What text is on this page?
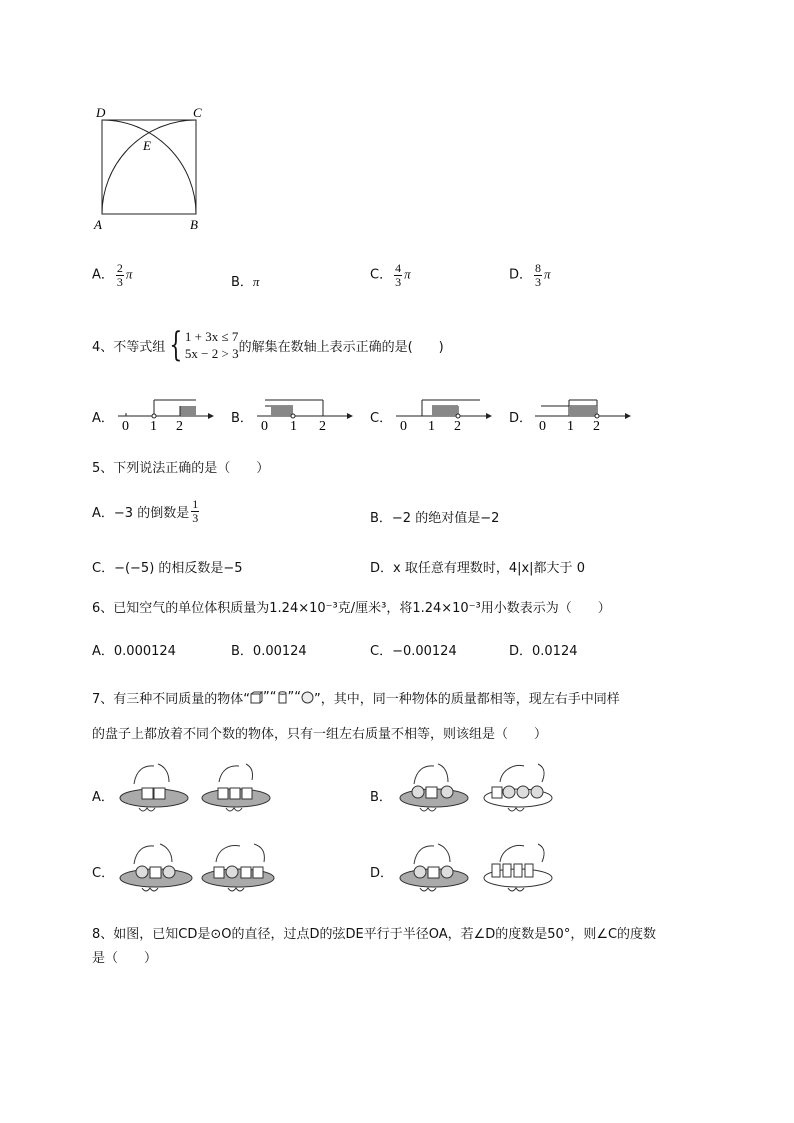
D	C
E
A	B
A． $\frac{2}{3}$ π
B．π	C． $\frac{4}{3}$ π	D． $\frac{8}{3}$ π
4、不等式组 { 1 + 3x ≤ 7
5x − 2 > 3 的解集在数轴上表示正确的是(　　)
A．
0 1 2
B．
0 1 2
C．
0 1 2
D．
0 1 2
5、下列说法正确的是（　　）
A．−3 的倒数是 $\frac{1}{3}$	B．−2 的绝对值是−2
C．−(−5) 的相反数是−5	D．x 取任意有理数时，4|x|都大于 0
6、已知空气的单位体积质量为1.24×10⁻³克/厘米³，将1.24×10⁻³用小数表示为（　　）
A．0.000124	B．0.00124	C．−0.00124	D．0.0124
7、有三种不同质量的物体“ ”“ ”“ ”，其中，同一种物体的质量都相等，现左右手中同样
的盘子上都放着不同个数的物体，只有一组左右质量不相等，则该组是（　　）
A．	B．
C．	D．
8、如图，已知CD是⊙O的直径，过点D的弦DE平行于半径OA，若∠D的度数是50°，则∠C的度数
是（　　）
